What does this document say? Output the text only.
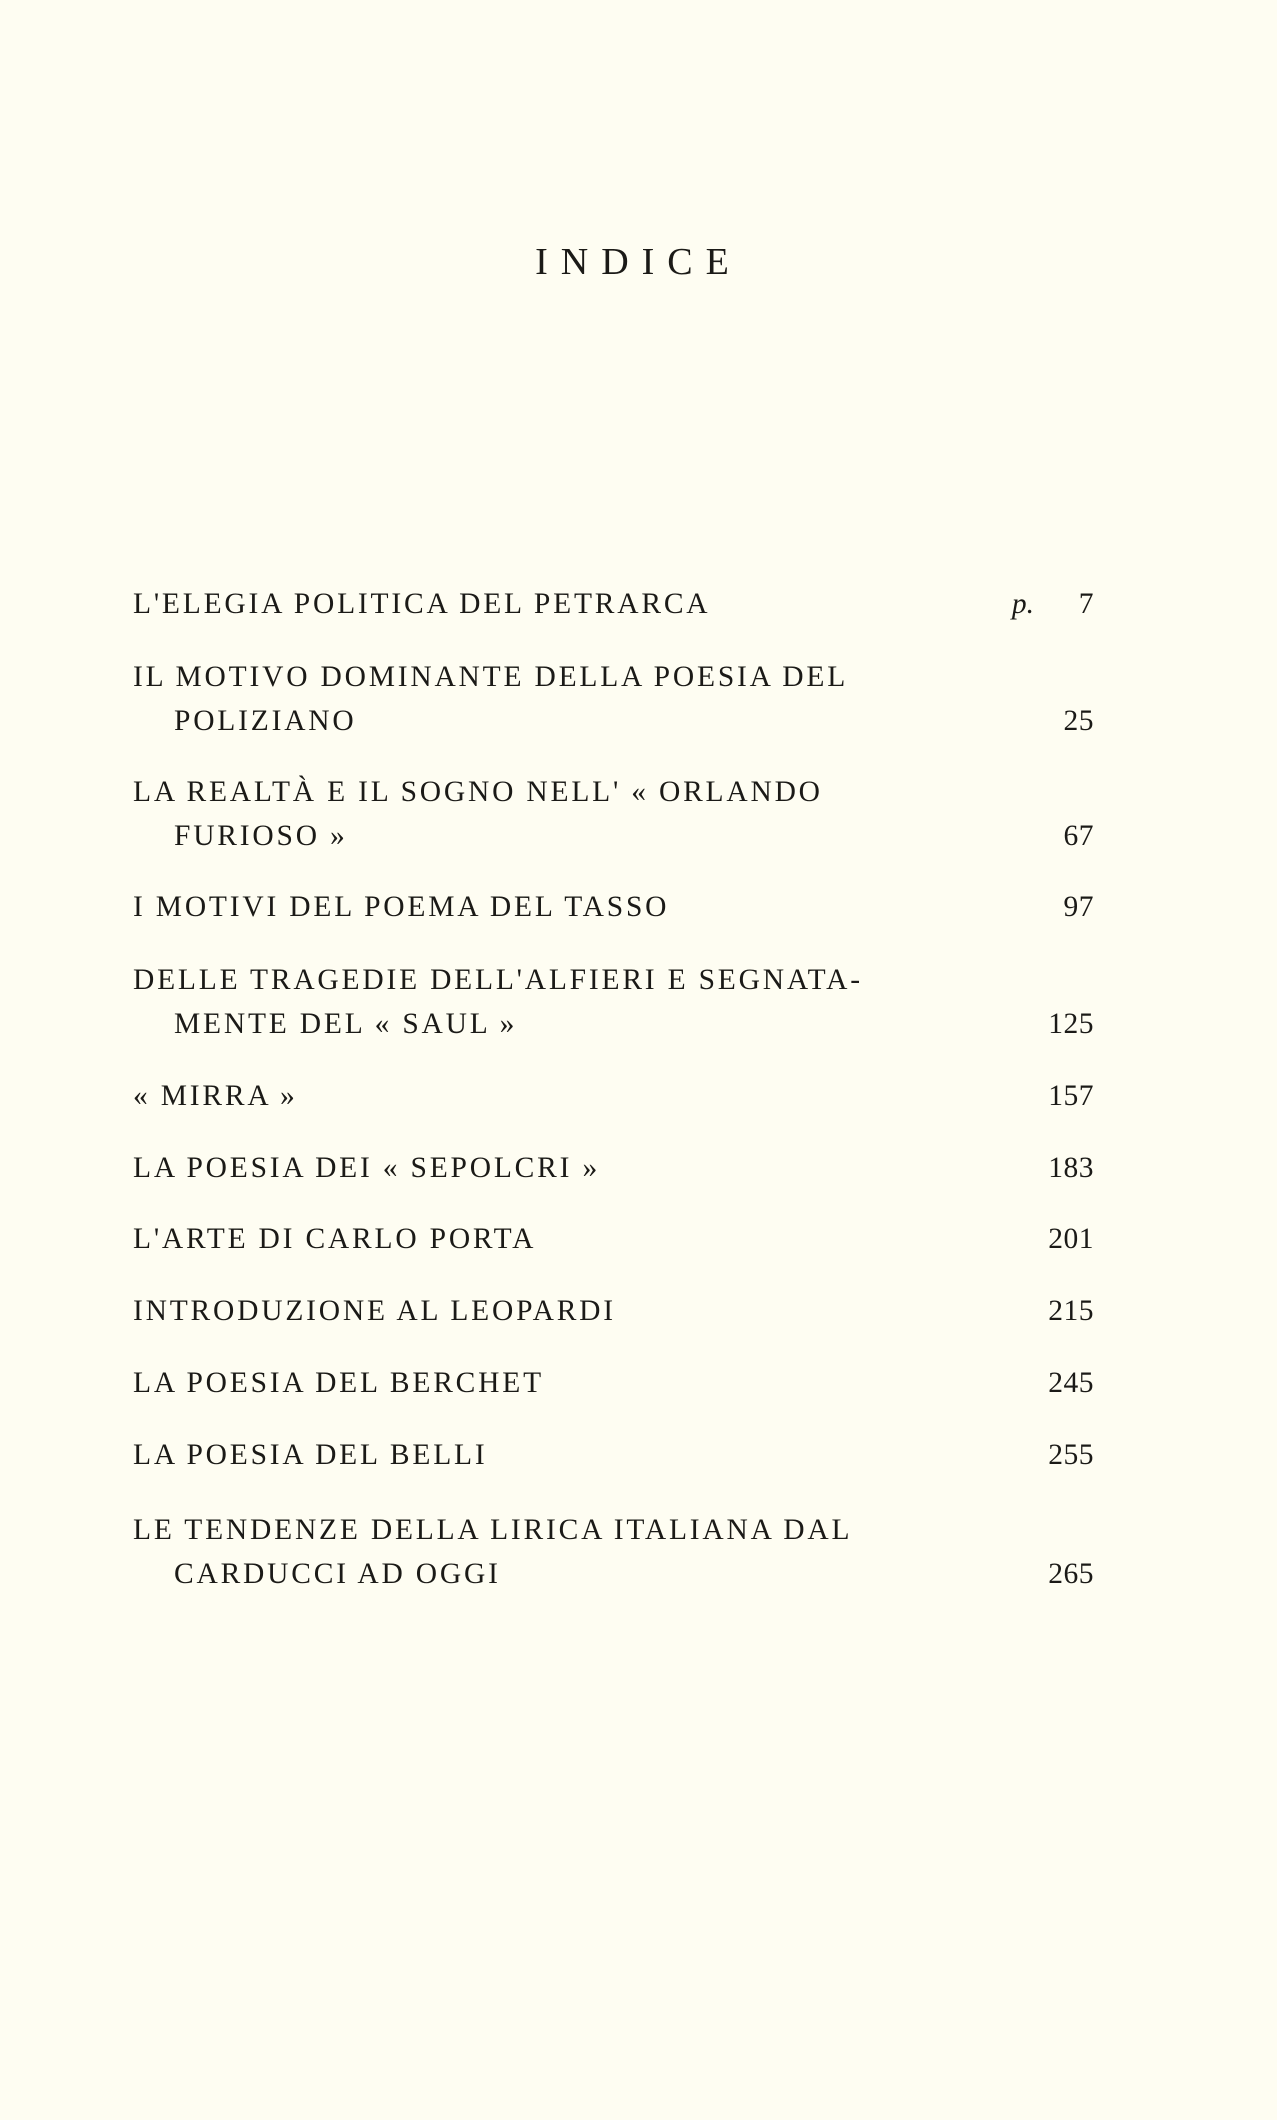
INDICE
L'ELEGIA POLITICA DEL PETRARCA	p. 7
IL MOTIVO DOMINANTE DELLA POESIA DEL
POLIZIANO	25
LA REALTÀ E IL SOGNO NELL' « ORLANDO
FURIOSO »	67
I MOTIVI DEL POEMA DEL TASSO	97
DELLE TRAGEDIE DELL'ALFIERI E SEGNATA-
MENTE DEL « SAUL »	125
« MIRRA »	157
LA POESIA DEI « SEPOLCRI »	183
L'ARTE DI CARLO PORTA	201
INTRODUZIONE AL LEOPARDI	215
LA POESIA DEL BERCHET	245
LA POESIA DEL BELLI	255
LE TENDENZE DELLA LIRICA ITALIANA DAL
CARDUCCI AD OGGI	265
